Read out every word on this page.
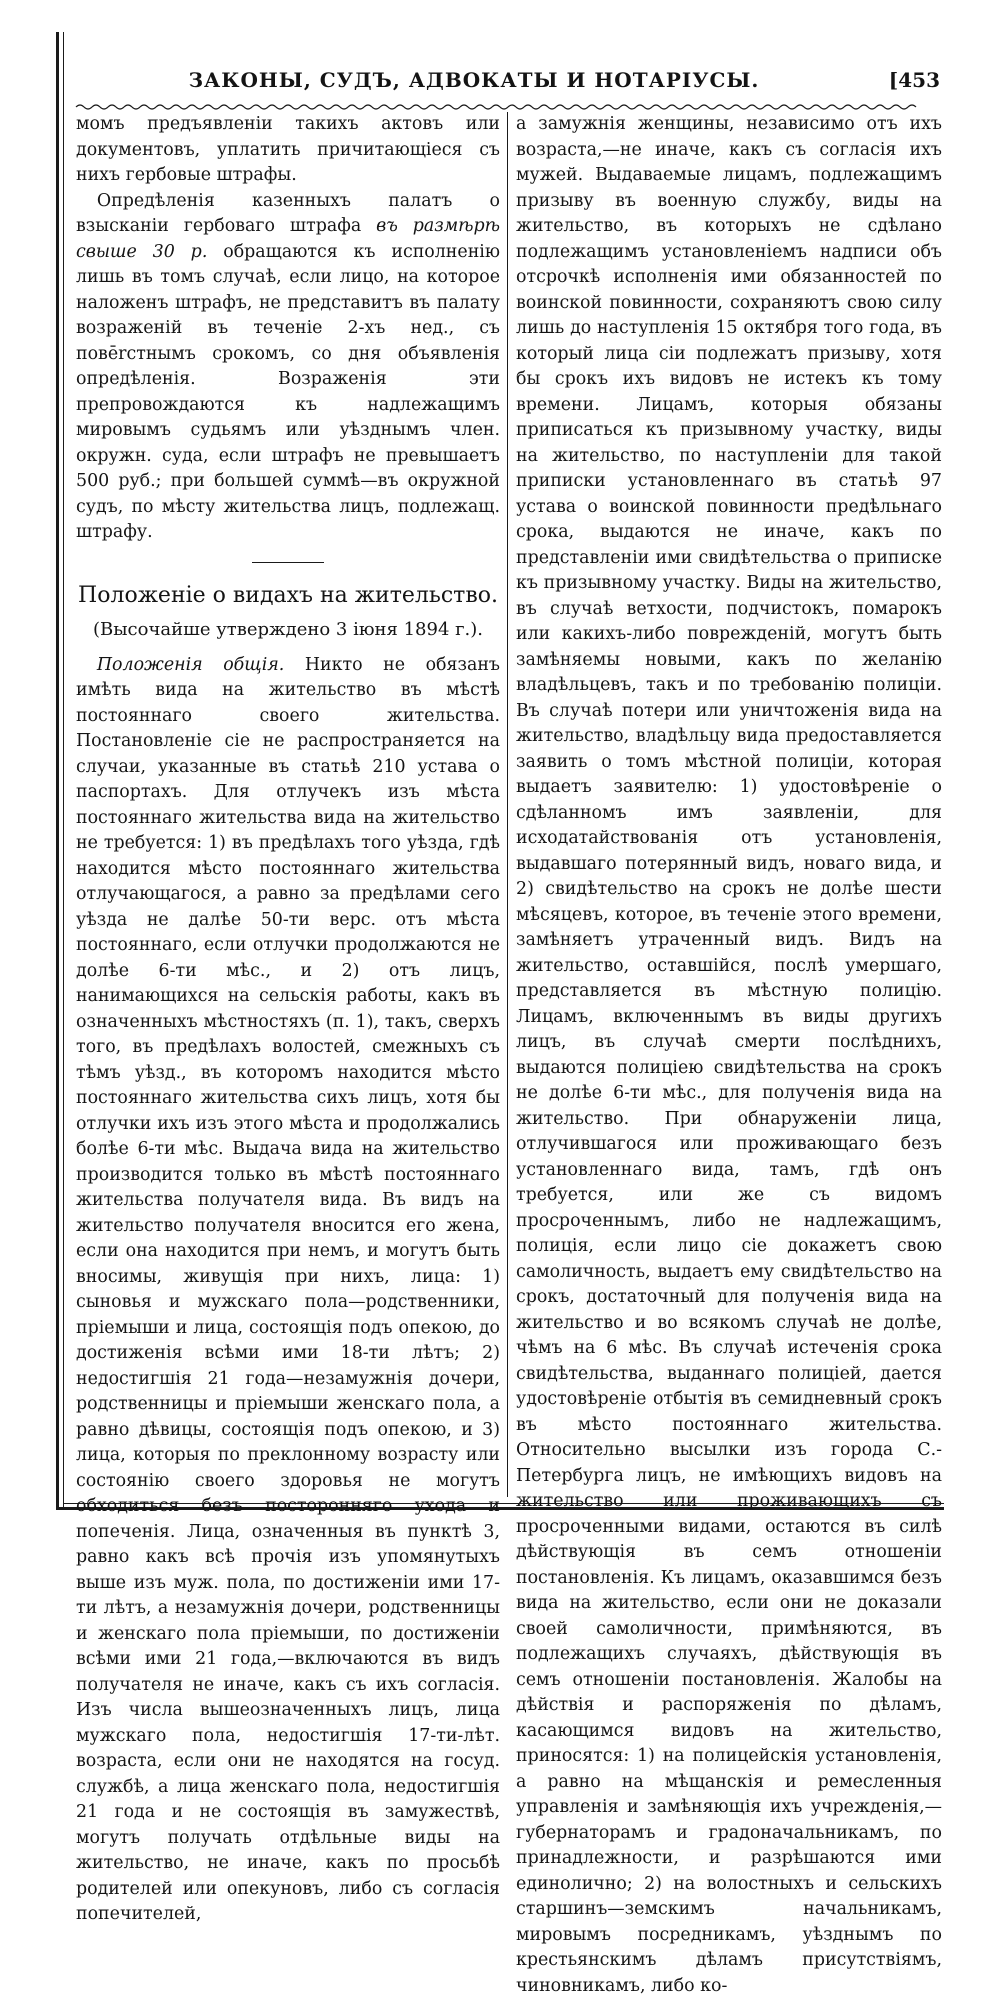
ЗАКОНЫ, СУДЪ, АДВОКАТЫ И НОТАРІУСЫ.	[453

момъ предъявленіи такихъ актовъ или документовъ, уплатить причитающіеся съ нихъ гербовые штрафы.

Опредѣленія казенныхъ палатъ о взысканіи гербоваго штрафа въ размѣрѣ свыше 30 р. обращаются къ исполненію лишь въ томъ случаѣ, если лицо, на которое наложенъ штрафъ, не представитъ въ палату возраженій въ теченіе 2-хъ нед., съ повērстнымъ срокомъ, со дня объявленія опредѣленія. Возраженія эти препровождаются къ надлежащимъ мировымъ судьямъ или уѣзднымъ член. окружн. суда, если штрафъ не превышаетъ 500 руб.; при большей суммѣ—въ окружной судъ, по мѣсту жительства лицъ, подлежащ. штрафу.

Положеніе о видахъ на жительство.
(Высочайше утверждено 3 іюня 1894 г.).

Положенія общія. Никто не обязанъ имѣть вида на жительство въ мѣстѣ постояннаго своего жительства. Постановленіе сіе не распространяется на случаи, указанные въ статьѣ 210 устава о паспортахъ. Для отлучекъ изъ мѣста постояннаго жительства вида на жительство не требуется: 1) въ предѣлахъ того уѣзда, гдѣ находится мѣсто постояннаго жительства отлучающагося, а равно за предѣлами сего уѣзда не далѣе 50-ти верс. отъ мѣста постояннаго, если отлучки продолжаются не долѣе 6-ти мѣс., и 2) отъ лицъ, нанимающихся на сельскія работы, какъ въ означенныхъ мѣстностяхъ (п. 1), такъ, сверхъ того, въ предѣлахъ волостей, смежныхъ съ тѣмъ уѣзд., въ которомъ находится мѣсто постояннаго жительства сихъ лицъ, хотя бы отлучки ихъ изъ этого мѣста и продолжались болѣе 6-ти мѣс. Выдача вида на жительство производится только въ мѣстѣ постояннаго жительства получателя вида. Въ видъ на жительство получателя вносится его жена, если она находится при немъ, и могутъ быть вносимы, живущія при нихъ, лица: 1) сыновья и мужскаго пола—родственники, пріемыши и лица, состоящія подъ опекою, до достиженія всѣми ими 18-ти лѣтъ; 2) недостигшія 21 года—незамужнія дочери, родственницы и пріемыши женскаго пола, а равно дѣвицы, состоящія подъ опекою, и 3) лица, которыя по преклонному возрасту или состоянію своего здоровья не могутъ обходиться безъ посторонняго ухода и попеченія. Лица, означенныя въ пунктѣ 3, равно какъ всѣ прочія изъ упомянутыхъ выше изъ муж. пола, по достиженіи ими 17-ти лѣтъ, а незамужнія дочери, родственницы и женскаго пола пріемыши, по достиженіи всѣми ими 21 года,—включаются въ видъ получателя не иначе, какъ съ ихъ согласія. Изъ числа вышеозначенныхъ лицъ, лица мужскаго пола, недостигшія 17-ти-лѣт. возраста, если они не находятся на госуд. службѣ, а лица женскаго пола, недостигшія 21 года и не состоящія въ замужествѣ, могутъ получать отдѣльные виды на жительство, не иначе, какъ по просьбѣ родителей или опекуновъ, либо съ согласія попечителей,

а замужнія женщины, независимо отъ ихъ возраста,—не иначе, какъ съ согласія ихъ мужей. Выдаваемые лицамъ, подлежащимъ призыву въ военную службу, виды на жительство, въ которыхъ не сдѣлано подлежащимъ установленіемъ надписи объ отсрочкѣ исполненія ими обязанностей по воинской повинности, сохраняютъ свою силу лишь до наступленія 15 октября того года, въ который лица сіи подлежатъ призыву, хотя бы срокъ ихъ видовъ не истекъ къ тому времени. Лицамъ, которыя обязаны приписаться къ призывному участку, виды на жительство, по наступленіи для такой приписки установленнаго въ статьѣ 97 устава о воинской повинности предѣльнаго срока, выдаются не иначе, какъ по представленіи ими свидѣтельства о приписке къ призывному участку. Виды на жительство, въ случаѣ ветхости, подчистокъ, помарокъ или какихъ-либо поврежденій, могутъ быть замѣняемы новыми, какъ по желанію владѣльцевъ, такъ и по требованію полиціи. Въ случаѣ потери или уничтоженія вида на жительство, владѣльцу вида предоставляется заявить о томъ мѣстной полиціи, которая выдаетъ заявителю: 1) удостовѣреніе о сдѣланномъ имъ заявленіи, для исходатайствованія отъ установленія, выдавшаго потерянный видъ, новаго вида, и 2) свидѣтельство на срокъ не долѣе шести мѣсяцевъ, которое, въ теченіе этого времени, замѣняетъ утраченный видъ. Видъ на жительство, оставшійся, послѣ умершаго, представляется въ мѣстную полицію. Лицамъ, включеннымъ въ виды другихъ лицъ, въ случаѣ смерти послѣднихъ, выдаются полиціею свидѣтельства на срокъ не долѣе 6-ти мѣс., для полученія вида на жительство. При обнаруженіи лица, отлучившагося или проживающаго безъ установленнаго вида, тамъ, гдѣ онъ требуется, или же съ видомъ просроченнымъ, либо не надлежащимъ, полиція, если лицо сіе докажетъ свою самоличность, выдаетъ ему свидѣтельство на срокъ, достаточный для полученія вида на жительство и во всякомъ случаѣ не долѣе, чѣмъ на 6 мѣс. Въ случаѣ истеченія срока свидѣтельства, выданнаго полиціей, дается удостовѣреніе отбытія въ семидневный срокъ въ мѣсто постояннаго жительства. Относительно высылки изъ города С.-Петербурга лицъ, не имѣющихъ видовъ на жительство или проживающихъ съ просроченными видами, остаются въ силѣ дѣйствующія въ семъ отношеніи постановленія. Къ лицамъ, оказавшимся безъ вида на жительство, если они не доказали своей самоличности, примѣняются, въ подлежащихъ случаяхъ, дѣйствующія въ семъ отношеніи постановленія. Жалобы на дѣйствія и распоряженія по дѣламъ, касающимся видовъ на жительство, приносятся: 1) на полицейскія установленія, а равно на мѣщанскія и ремесленныя управленія и замѣняющія ихъ учрежденія,—губернаторамъ и градоначальникамъ, по принадлежности, и разрѣшаются ими единолично; 2) на волостныхъ и сельскихъ старшинъ—земскимъ начальникамъ, мировымъ посредникамъ, уѣзднымъ по крестьянскимъ дѣламъ присутствіямъ, чиновникамъ, либо ко-
